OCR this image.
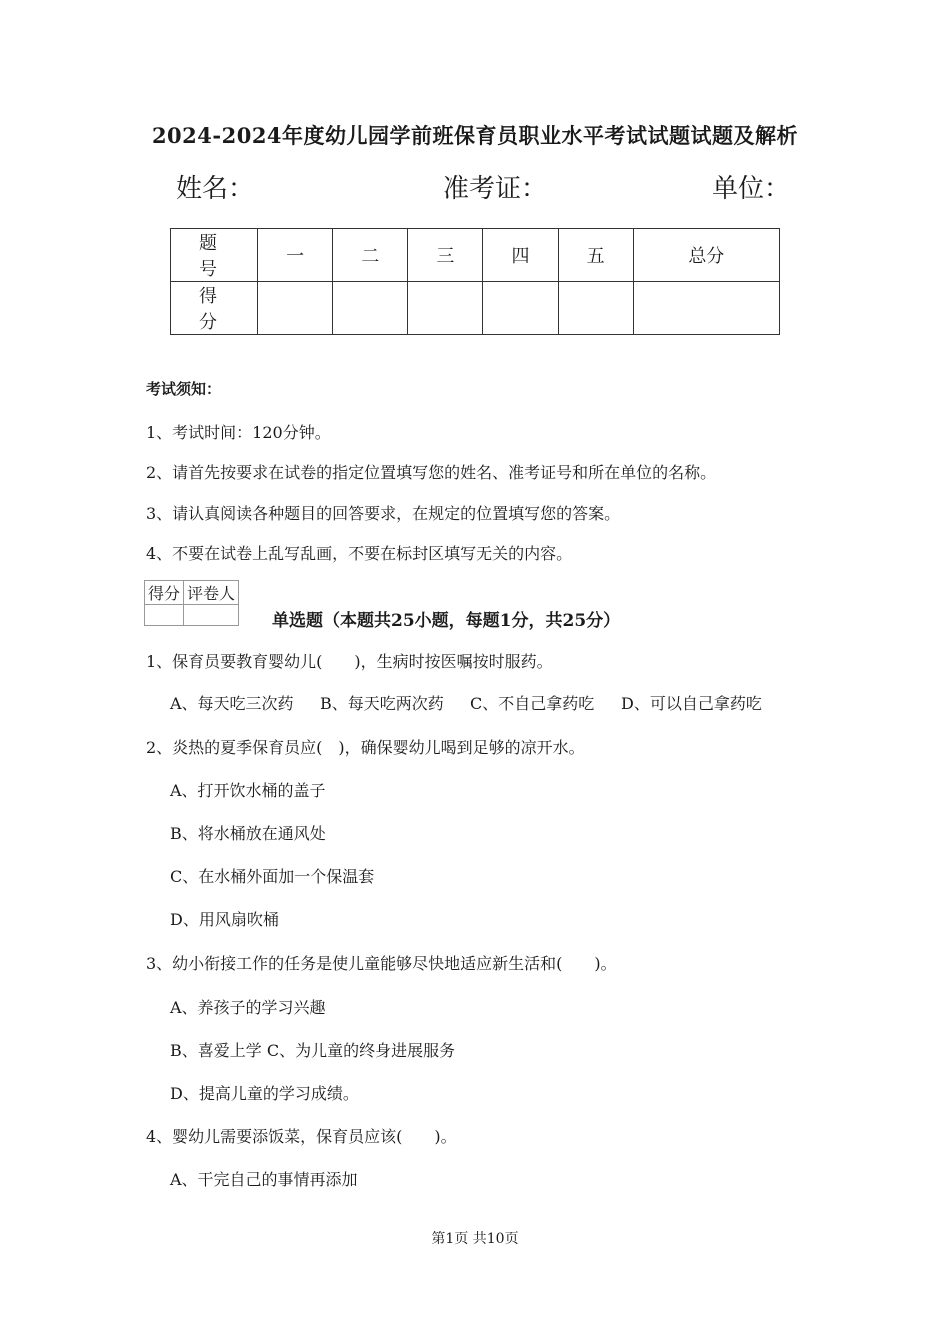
2024-2024年度幼儿园学前班保育员职业水平考试试题试题及解析
姓名：	准考证：	单位：
题　号	一	二	三	四	五	总分
得　分						
考试须知：
1、考试时间：120分钟。
2、请首先按要求在试卷的指定位置填写您的姓名、准考证号和所在单位的名称。
3、请认真阅读各种题目的回答要求，在规定的位置填写您的答案。
4、不要在试卷上乱写乱画，不要在标封区填写无关的内容。
得分	评卷人

单选题（本题共25小题，每题1分，共25分）
1、保育员要教育婴幼儿(　　)，生病时按医嘱按时服药。
A、每天吃三次药 B、每天吃两次药 C、不自己拿药吃 D、可以自己拿药吃
2、炎热的夏季保育员应(　)，确保婴幼儿喝到足够的凉开水。
A、打开饮水桶的盖子
B、将水桶放在通风处
C、在水桶外面加一个保温套
D、用风扇吹桶
3、幼小衔接工作的任务是使儿童能够尽快地适应新生活和(　　)。
A、养孩子的学习兴趣
B、喜爱上学 C、为儿童的终身进展服务
D、提高儿童的学习成绩。
4、婴幼儿需要添饭菜，保育员应该(　　)。
A、干完自己的事情再添加
第1页 共10页
